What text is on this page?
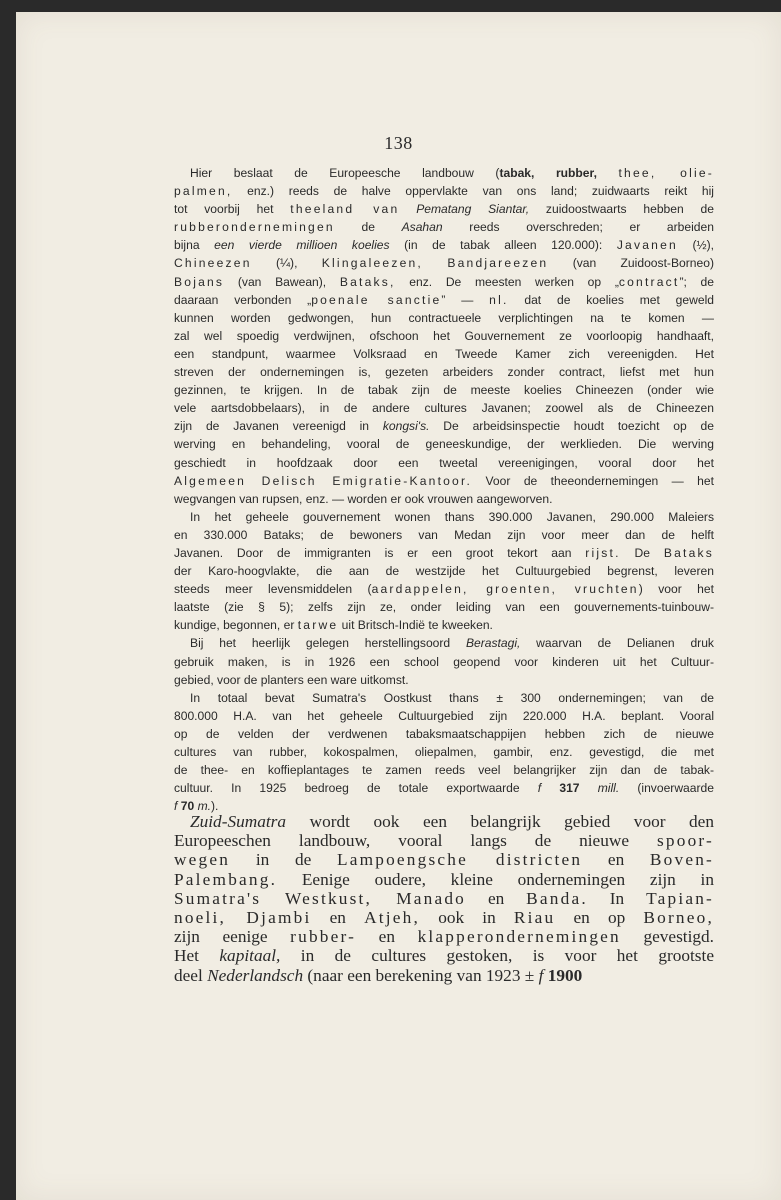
138
Hier beslaat de Europeesche landbouw (tabak, rubber, thee, olie-
palmen, enz.) reeds de halve oppervlakte van ons land; zuidwaarts reikt hij
tot voorbij het theeland van Pematang Siantar, zuidoostwaarts hebben de
rubberondernemingen de Asahan reeds overschreden; er arbeiden
bijna een vierde millioen koelies (in de tabak alleen 120.000): Javanen (½),
Chineezen (¼), Klingaleezen, Bandjareezen (van Zuidoost-Borneo)
Bojans (van Bawean), Bataks, enz. De meesten werken op „contract”; de
daaraan verbonden „poenale sanctie” — nl. dat de koelies met geweld
kunnen worden gedwongen, hun contractueele verplichtingen na te komen —
zal wel spoedig verdwijnen, ofschoon het Gouvernement ze voorloopig handhaaft,
een standpunt, waarmee Volksraad en Tweede Kamer zich vereenigden. Het
streven der ondernemingen is, gezeten arbeiders zonder contract, liefst met hun
gezinnen, te krijgen. In de tabak zijn de meeste koelies Chineezen (onder wie
vele aartsdobbelaars), in de andere cultures Javanen; zoowel als de Chineezen
zijn de Javanen vereenigd in kongsi's. De arbeidsinspectie houdt toezicht op de
werving en behandeling, vooral de geneeskundige, der werklieden. Die werving
geschiedt in hoofdzaak door een tweetal vereenigingen, vooral door het
Algemeen Delisch Emigratie-Kantoor. Voor de theeondernemingen — het
wegvangen van rupsen, enz. — worden er ook vrouwen aangeworven.
In het geheele gouvernement wonen thans 390.000 Javanen, 290.000 Maleiers
en 330.000 Bataks; de bewoners van Medan zijn voor meer dan de helft
Javanen. Door de immigranten is er een groot tekort aan rijst. De Bataks
der Karo-hoogvlakte, die aan de westzijde het Cultuurgebied begrenst, leveren
steeds meer levensmiddelen (aardappelen, groenten, vruchten) voor het
laatste (zie § 5); zelfs zijn ze, onder leiding van een gouvernements-tuinbouw-
kundige, begonnen, er tarwe uit Britsch-Indië te kweeken.
Bij het heerlijk gelegen herstellingsoord Berastagi, waarvan de Delianen druk
gebruik maken, is in 1926 een school geopend voor kinderen uit het Cultuur-
gebied, voor de planters een ware uitkomst.
In totaal bevat Sumatra's Oostkust thans ± 300 ondernemingen; van de
800.000 H.A. van het geheele Cultuurgebied zijn 220.000 H.A. beplant. Vooral
op de velden der verdwenen tabaksmaatschappijen hebben zich de nieuwe
cultures van rubber, kokospalmen, oliepalmen, gambir, enz. gevestigd, die met
de thee- en koffieplantages te zamen reeds veel belangrijker zijn dan de tabak-
cultuur. In 1925 bedroeg de totale exportwaarde f 317 mill. (invoerwaarde
f 70 m.).
Zuid-Sumatra wordt ook een belangrijk gebied voor den
Europeeschen landbouw, vooral langs de nieuwe spoor-
wegen in de Lampoengsche districten en Boven-
Palembang. Eenige oudere, kleine ondernemingen zijn in
Sumatra's Westkust, Manado en Banda. In Tapian-
noeli, Djambi en Atjeh, ook in Riau en op Borneo,
zijn eenige rubber- en klapperondernemingen gevestigd.
Het kapitaal, in de cultures gestoken, is voor het grootste
deel Nederlandsch (naar een berekening van 1923 ± f 1900
